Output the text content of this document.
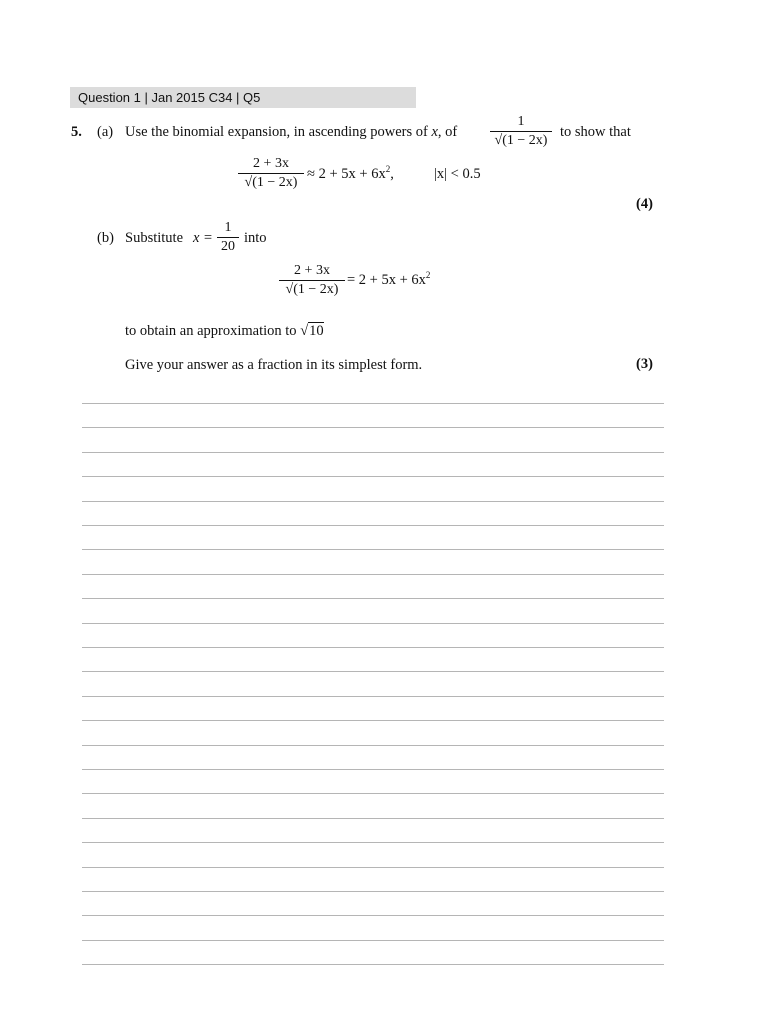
Question 1 | Jan 2015 C34 | Q5
5. (a) Use the binomial expansion, in ascending powers of x, of
1
√(1 − 2x)
to show that
2 + 3x
√(1 − 2x)
≈ $2 + 5x + 6x^2$,	|x| < 0.5
(4)
(b) Substitute x =
1
20
into
2 + 3x
√(1 − 2x)
= $2 + 5x + 6x^2$
to obtain an approximation to √10
Give your answer as a fraction in its simplest form.	(3)
